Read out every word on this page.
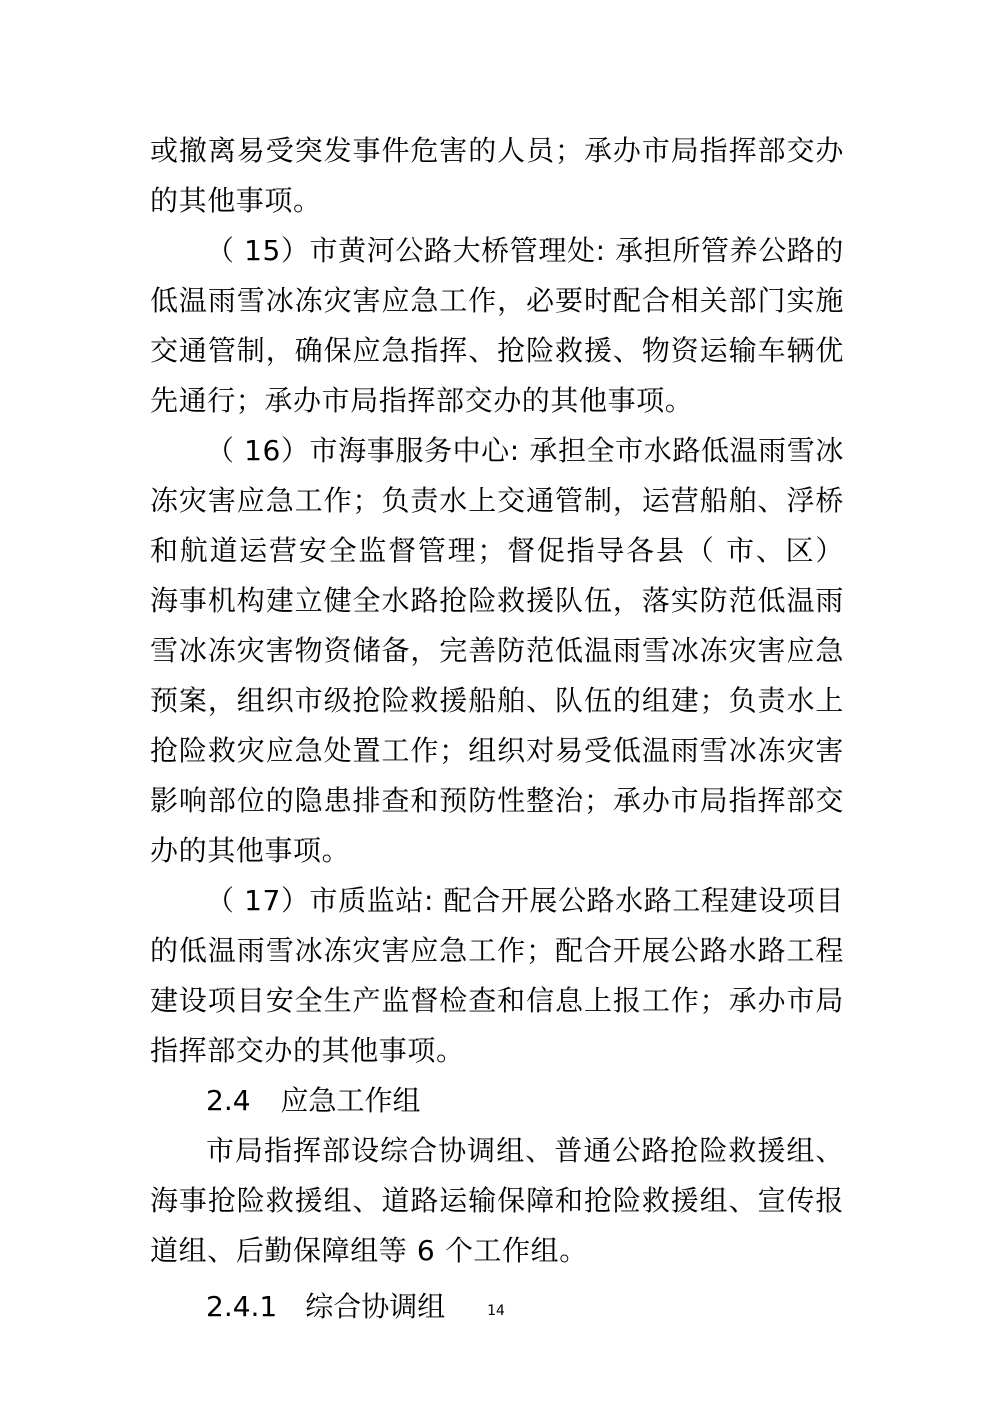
或撤离易受突发事件危害的人员；承办市局指挥部交办的其他事项。

（ 15）市黄河公路大桥管理处: 承担所管养公路的低温雨雪冰冻灾害应急工作，必要时配合相关部门实施交通管制，确保应急指挥、抢险救援、物资运输车辆优先通行；承办市局指挥部交办的其他事项。

（ 16）市海事服务中心: 承担全市水路低温雨雪冰冻灾害应急工作；负责水上交通管制，运营船舶、浮桥和航道运营安全监督管理；督促指导各县（ 市、区）海事机构建立健全水路抢险救援队伍，落实防范低温雨雪冰冻灾害物资储备，完善防范低温雨雪冰冻灾害应急预案，组织市级抢险救援船舶、队伍的组建；负责水上抢险救灾应急处置工作；组织对易受低温雨雪冰冻灾害影响部位的隐患排查和预防性整治；承办市局指挥部交办的其他事项。

（ 17）市质监站: 配合开展公路水路工程建设项目的低温雨雪冰冻灾害应急工作；配合开展公路水路工程建设项目安全生产监督检查和信息上报工作；承办市局指挥部交办的其他事项。

2.4 应急工作组

市局指挥部设综合协调组、普通公路抢险救援组、海事抢险救援组、道路运输保障和抢险救援组、宣传报道组、后勤保障组等 6 个工作组。

2.4.1 综合协调组	14
